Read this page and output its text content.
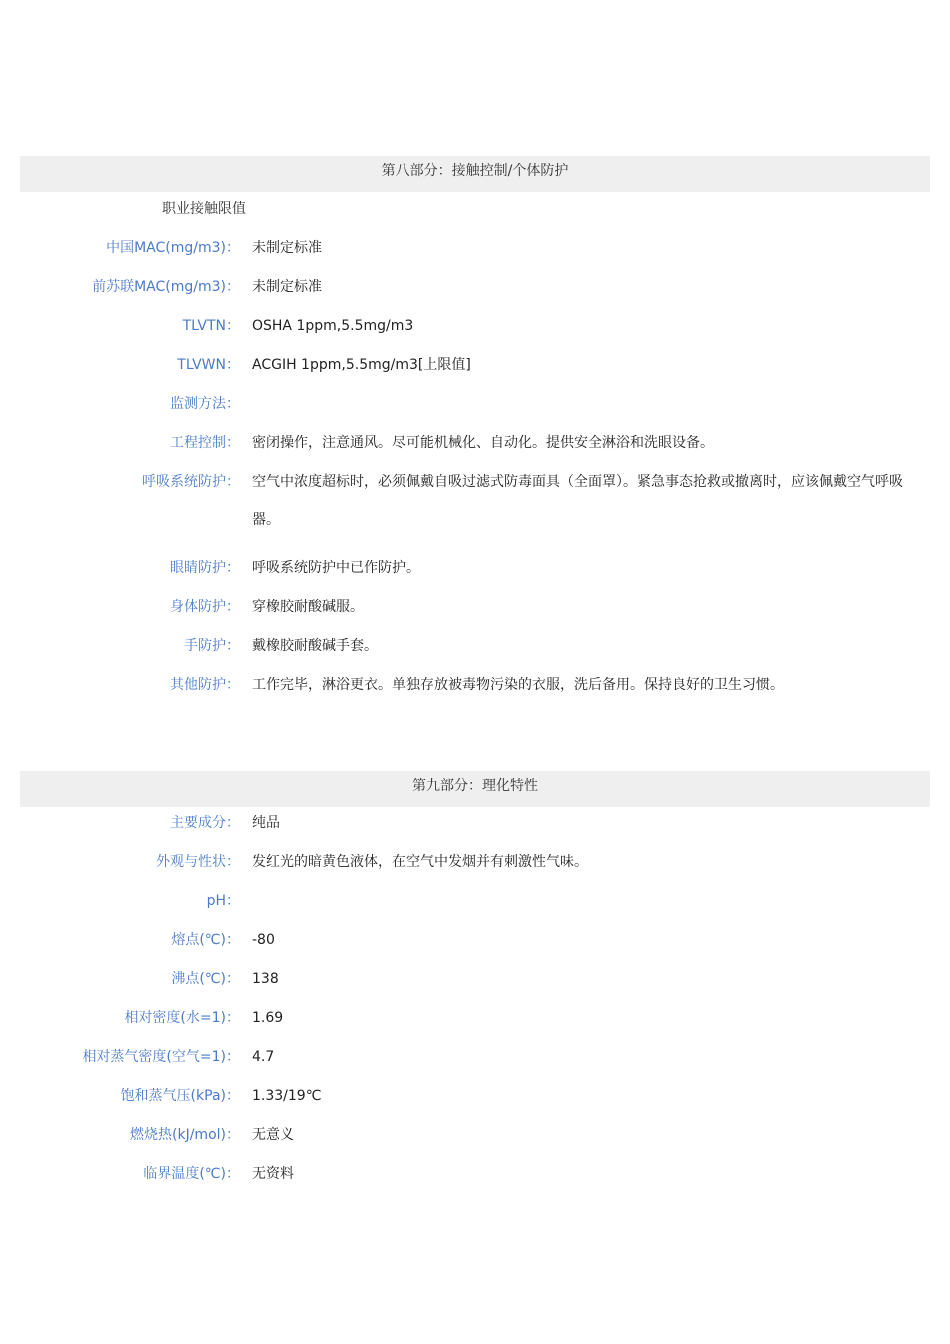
第八部分：接触控制/个体防护
职业接触限值
中国MAC(mg/m3)： 未制定标准
前苏联MAC(mg/m3)： 未制定标准
TLVTN： OSHA 1ppm,5.5mg/m3
TLVWN： ACGIH 1ppm,5.5mg/m3[上限值]
监测方法：
工程控制： 密闭操作，注意通风。尽可能机械化、自动化。提供安全淋浴和洗眼设备。
呼吸系统防护： 空气中浓度超标时，必须佩戴自吸过滤式防毒面具（全面罩）。紧急事态抢救或撤离时，应该佩戴空气呼吸器。
眼睛防护： 呼吸系统防护中已作防护。
身体防护： 穿橡胶耐酸碱服。
手防护： 戴橡胶耐酸碱手套。
其他防护： 工作完毕，淋浴更衣。单独存放被毒物污染的衣服，洗后备用。保持良好的卫生习惯。
第九部分：理化特性
主要成分： 纯品
外观与性状： 发红光的暗黄色液体，在空气中发烟并有刺激性气味。
pH：
熔点(℃)： -80
沸点(℃)： 138
相对密度(水=1)： 1.69
相对蒸气密度(空气=1)： 4.7
饱和蒸气压(kPa)： 1.33/19℃
燃烧热(kJ/mol)： 无意义
临界温度(℃)： 无资料
